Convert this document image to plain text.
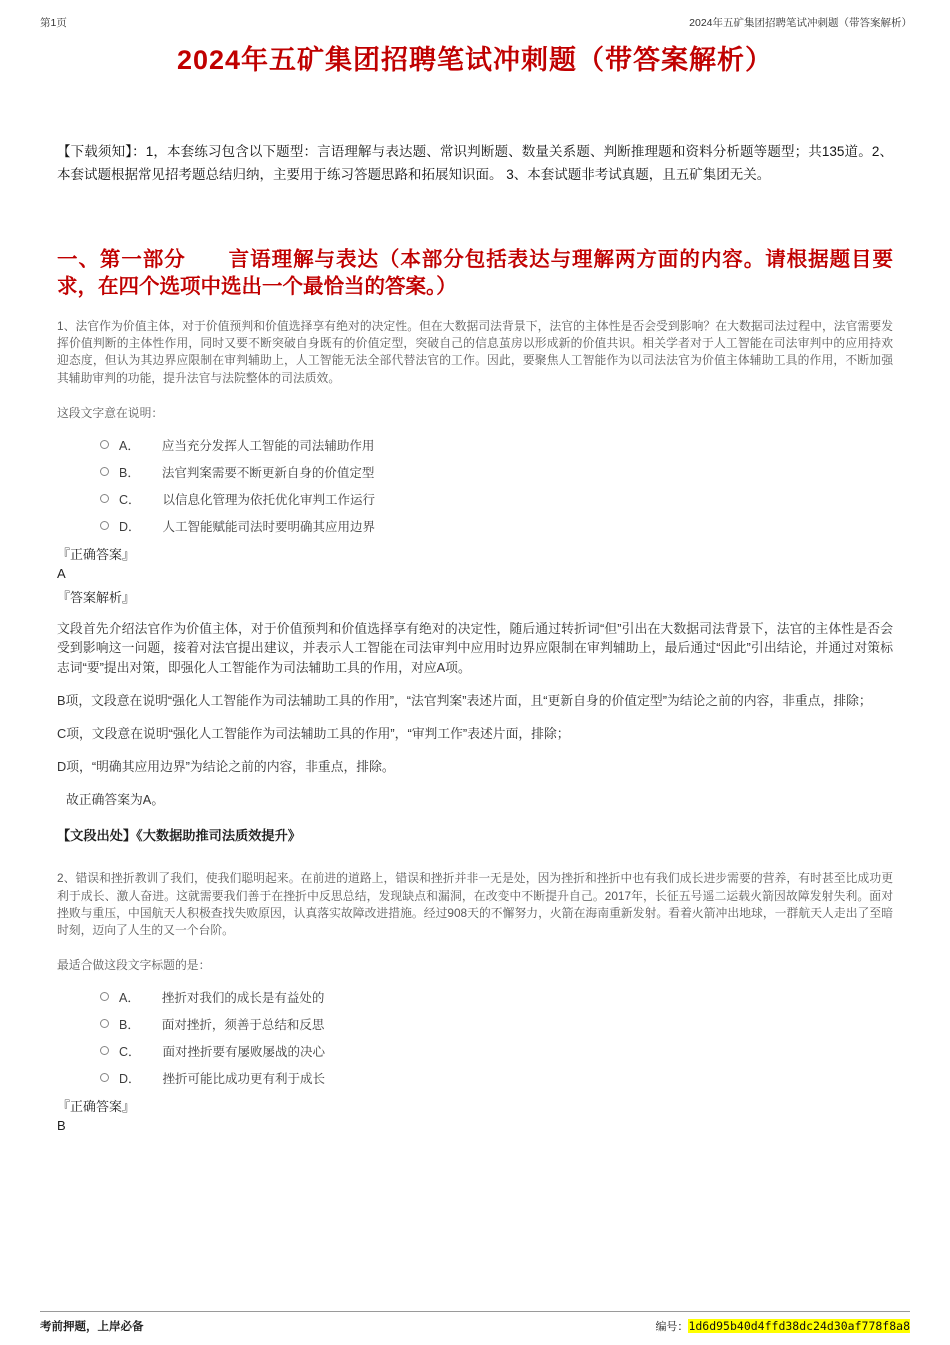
第1页	2024年五矿集团招聘笔试冲刺题（带答案解析）
2024年五矿集团招聘笔试冲刺题（带答案解析）

【下载须知】：1，本套练习包含以下题型：言语理解与表达题、常识判断题、数量关系题、判断推理题和资料分析题等题型；共135道。2、本套试题根据常见招考题总结归纳，主要用于练习答题思路和拓展知识面。 3、本套试题非考试真题，且五矿集团无关。

一、第一部分　　言语理解与表达（本部分包括表达与理解两方面的内容。请根据题目要求，在四个选项中选出一个最恰当的答案。）

1、法官作为价值主体，对于价值预判和价值选择享有绝对的决定性。但在大数据司法背景下，法官的主体性是否会受到影响？在大数据司法过程中，法官需要发挥价值判断的主体性作用，同时又要不断突破自身既有的价值定型，突破自己的信息茧房以形成新的价值共识。相关学者对于人工智能在司法审判中的应用持欢迎态度，但认为其边界应限制在审判辅助上，人工智能无法全部代替法官的工作。因此，要聚焦人工智能作为以司法法官为价值主体辅助工具的作用，不断加强其辅助审判的功能，提升法官与法院整体的司法质效。

这段文字意在说明：

A． 应当充分发挥人工智能的司法辅助作用
B． 法官判案需要不断更新自身的价值定型
C． 以信息化管理为依托优化审判工作运行
D． 人工智能赋能司法时要明确其应用边界
『正确答案』
A
『答案解析』

文段首先介绍法官作为价值主体，对于价值预判和价值选择享有绝对的决定性，随后通过转折词“但”引出在大数据司法背景下，法官的主体性是否会受到影响这一问题，接着对法官提出建议，并表示人工智能在司法审判中应用时边界应限制在审判辅助上，最后通过“因此”引出结论，并通过对策标志词“要”提出对策，即强化人工智能作为司法辅助工具的作用，对应A项。

B项，文段意在说明“强化人工智能作为司法辅助工具的作用”，“法官判案”表述片面，且“更新自身的价值定型”为结论之前的内容，非重点，排除；

C项，文段意在说明“强化人工智能作为司法辅助工具的作用”，“审判工作”表述片面，排除；

D项，“明确其应用边界”为结论之前的内容，非重点，排除。

故正确答案为A。

【文段出处】《大数据助推司法质效提升》

2、错误和挫折教训了我们，使我们聪明起来。在前进的道路上，错误和挫折并非一无是处，因为挫折和挫折中也有我们成长进步需要的营养，有时甚至比成功更利于成长、激人奋进。这就需要我们善于在挫折中反思总结，发现缺点和漏洞，在改变中不断提升自己。2017年，长征五号遥二运载火箭因故障发射失利。面对挫败与重压，中国航天人积极查找失败原因，认真落实故障改进措施。经过908天的不懈努力，火箭在海南重新发射。看着火箭冲出地球，一群航天人走出了至暗时刻，迈向了人生的又一个台阶。

最适合做这段文字标题的是：

A． 挫折对我们的成长是有益处的
B． 面对挫折，须善于总结和反思
C． 面对挫折要有屡败屡战的决心
D． 挫折可能比成功更有利于成长
『正确答案』
B
考前押题，上岸必备	编号：1d6d95b40d4ffd38dc24d30af778f8a8
